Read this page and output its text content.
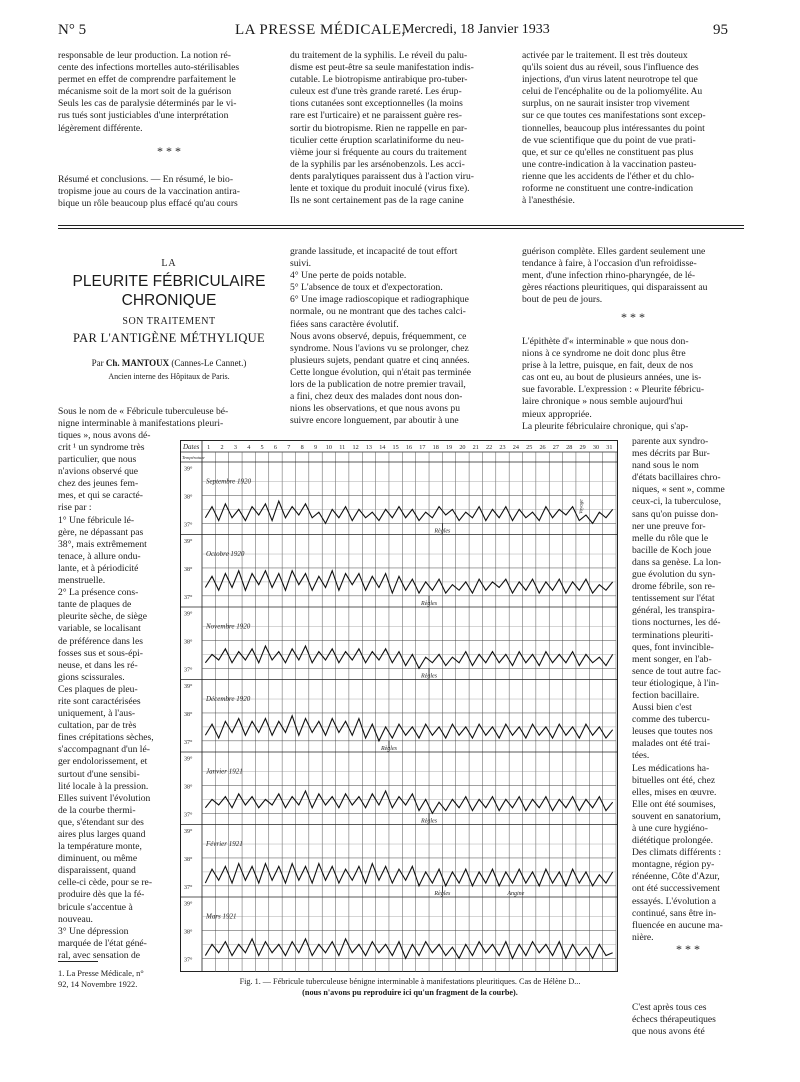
N° 5	LA PRESSE MÉDICALE,
Mercredi, 18 Janvier 1933	95
responsable de leur production. La notion ré-
cente des infections mortelles auto-stérilisables
permet en effet de comprendre parfaitement le
mécanisme soit de la mort soit de la guérison
Seuls les cas de paralysie déterminés par le vi-
rus tués sont justiciables d'une interprétation
légèrement différente.
* * *
Résumé et conclusions. — En résumé, le bio-
tropisme joue au cours de la vaccination antira-
bique un rôle beaucoup plus effacé qu'au cours
du traitement de la syphilis. Le réveil du palu-
disme est peut-être sa seule manifestation indis-
cutable. Le biotropisme antirabique pro-tuber-
culeux est d'une très grande rareté. Les érup-
tions cutanées sont exceptionnelles (la moins
rare est l'urticaire) et ne paraissent guère res-
sortir du biotropisme. Rien ne rappelle en par-
ticulier cette éruption scarlatiniforme du neu-
vième jour si fréquente au cours du traitement
de la syphilis par les arsénobenzols. Les acci-
dents paralytiques paraissent dus à l'action viru-
lente et toxique du produit inoculé (virus fixe).
Ils ne sont certainement pas de la rage canine
activée par le traitement. Il est très douteux
qu'ils soient dus au réveil, sous l'influence des
injections, d'un virus latent neurotrope tel que
celui de l'encéphalite ou de la poliomyélite. Au
surplus, on ne saurait insister trop vivement
sur ce que toutes ces manifestations sont excep-
tionnelles, beaucoup plus intéressantes du point
de vue scientifique que du point de vue prati-
que, et sur ce qu'elles ne constituent pas plus
une contre-indication à la vaccination pasteu-
rienne que les accidents de l'éther et du chlo-
roforme ne constituent une contre-indication
à l'anesthésie.
LA
PLEURITE FÉBRICULAIRE
CHRONIQUE
SON TRAITEMENT
PAR L'ANTIGÈNE MÉTHYLIQUE
Par Ch. MANTOUX (Cannes-Le Cannet.)
Ancien interne des Hôpitaux de Paris.
Sous le nom de « Fébricule tuberculeuse bé-
nigne interminable à manifestations pleuri-
tiques », nous avons dé-
crit ¹ un syndrome très
particulier, que nous
n'avions observé que
chez des jeunes fem-
mes, et qui se caracté-
rise par :
1° Une fébricule lé-
gère, ne dépassant pas
38°, mais extrêmement
tenace, à allure ondu-
lante, et à périodicité
menstruelle.
2° La présence cons-
tante de plaques de
pleurite sèche, de siège
variable, se localisant
de préférence dans les
fosses sus et sous-épi-
neuse, et dans les ré-
gions scissurales.
Ces plaques de pleu-
rite sont caractérisées
uniquement, à l'aus-
cultation, par de très
fines crépitations sèches,
s'accompagnant d'un lé-
ger endolorissement, et
surtout d'une sensibi-
lité locale à la pression.
Elles suivent l'évolution
de la courbe thermi-
que, s'étendant sur des
aires plus larges quand
la température monte,
diminuent, ou même
disparaissent, quand
celle-ci cède, pour se re-
produire dès que la fé-
bricule s'accentue à
nouveau.
3° Une dépression
marquée de l'état géné-
ral, avec sensation de
1. La Presse Médicale, n°
92, 14 Novembre 1922.
grande lassitude, et incapacité de tout effort
suivi.
4° Une perte de poids notable.
5° L'absence de toux et d'expectoration.
6° Une image radioscopique et radiographique
normale, ou ne montrant que des taches calci-
fiées sans caractère évolutif.
Nous avons observé, depuis, fréquemment, ce
syndrome. Nous l'avions vu se prolonger, chez
plusieurs sujets, pendant quatre et cinq années.
Cette longue évolution, qui n'était pas terminée
lors de la publication de notre premier travail,
a fini, chez deux des malades dont nous don-
nions les observations, et que nous avons pu
suivre encore longuement, par aboutir à une
guérison complète. Elles gardent seulement une
tendance à faire, à l'occasion d'un refroidisse-
ment, d'une infection rhino-pharyngée, de lé-
gères réactions pleuritiques, qui disparaissent au
bout de peu de jours.
* * *
L'épithète d'« interminable » que nous don-
nions à ce syndrome ne doit donc plus être
prise à la lettre, puisque, en fait, deux de nos
cas ont eu, au bout de plusieurs années, une is-
sue favorable. L'expression : « Pleurite fébricu-
laire chronique » nous semble aujourd'hui
mieux appropriée.
La pleurite fébriculaire chronique, qui s'ap-
parente aux syndro-
mes décrits par Bur-
nand sous le nom
d'états bacillaires chro-
niques, « sent », comme
ceux-ci, la tuberculose,
sans qu'on puisse don-
ner une preuve for-
melle du rôle que le
bacille de Koch joue
dans sa genèse. La lon-
gue évolution du syn-
drome fébrile, son re-
tentissement sur l'état
général, les transpira-
tions nocturnes, les dé-
terminations pleuriti-
ques, font invincible-
ment songer, en l'ab-
sence de tout autre fac-
teur étiologique, à l'in-
fection bacillaire.
Aussi bien c'est
comme des tubercu-
leuses que toutes nos
malades ont été trai-
tées.
Les médications ha-
bituelles ont été, chez
elles, mises en œuvre.
Elle ont été soumises,
souvent en sanatorium,
à une cure hygiéno-
diététique prolongée.
Des climats différents :
montagne, région py-
rénéenne, Côte d'Azur,
ont été successivement
essayés. L'évolution a
continué, sans être in-
fluencée en aucune ma-
nière.
* * *
C'est après tous ces
échecs thérapeutiques
que nous avons été
Dates
Température
1 2 3 4 5 6 7 8 9 10 11 12 13 14 15 16 17 18 19 20 21 22 23 24 25 26 27 28 29 30 31
39°
38°
37°
Septembre 1920
Règles
Voyage
39°
38°
37°
Octobre 1920
Règles
39°
38°
37°
Novembre 1920
Règles
39°
38°
37°
Décembre 1920
Règles
39°
38°
37°
Janvier 1921
Règles
39°
38°
37°
Février 1921
Règles	Angine
39°
38°
37°
Mars 1921
Fig. 1. — Fébricule tuberculeuse bénigne interminable à manifestations pleuritiques. Cas de Hélène D...
(nous n'avons pu reproduire ici qu'un fragment de la courbe).
